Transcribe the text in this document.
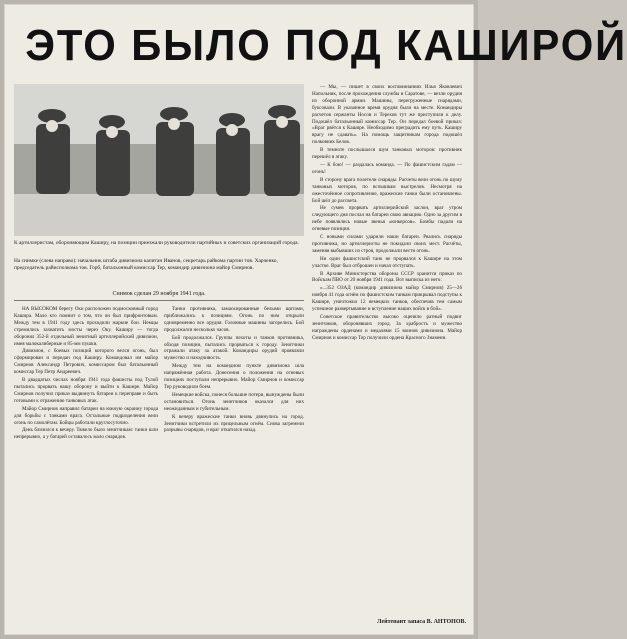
ЭТО БЫЛО ПОД КАШИРОЙ

К артиллеристам, обороняющим Каширу, на позиции приезжали руководители партийных и советских организаций города.

На снимке (слева направо): начальник штаба дивизиона капитан Иванов, секретарь райкома партии тов. Харченко, председатель райисполкома тов. Горб, батальонный комиссар Тер, командир дивизиона майор Смирнов.

Снимок сделан 29 ноября 1941 года.

— Мы, — пишет в своих воспоминаниях Илья Яковлевич Напольник, после прохождения службы в Саратове, — везли орудия из оборонной армии. Машины, перегруженные снарядами, буксовали. В указанное время орудия были на месте. Командиры расчетов сержанты Носов и Терехов тут же приступили к делу. Подошёл батальонный комиссар Тер. Он передал боевой приказ: «Враг рвётся к Кашире. Необходимо преградить ему путь. Каширу врагу не сдавать». На помощь защитникам города подошёл полковник Белов.

В темноте послышался шум танковых моторов: противник перешёл в атаку.

— К бою! — раздалась команда. — По фашистским гадам — огонь!

В сторону врага полетели снаряды. Расчеты вели огонь по шуму танковых моторов, по вспышкам выстрелов. Несмотря на ожесточённое сопротивление, вражеские танки были остановлены. Бой шёл до рассвета.

Не сумев прорвать артиллерийский заслон, враг утром следующего дня послал на батареи свою авиацию. Одно за другим в небе появлялись новые звенья «юнкерсов». Бомбы падали на огневые позиции.

С новыми силами ударили наши батареи. Рвались снаряды противника, но артиллеристы не покидали своих мест. Расчёты, заменяя выбывших из строя, продолжали вести огонь.

Ни один фашистский танк не прорвался к Кашире на этом участке. Враг был отброшен и начал отступать.

В Архиве Министерства обороны СССР хранится приказ по Войскам ПВО от 20 ноября 1941 года. Вот выписка из него:

«...352 ОЗАД (командир дивизиона майор Смирнов) 25—26 ноября 41 года огнём по фашистским танкам прикрывал подступы к Кашире, уничтожил 12 немецких танков, обеспечив тем самым успешное развертывание и вступление наших войск в бой».

Советское правительство высоко оценило ратный подвиг зенитчиков, оборонявших город. За храбрость и мужество награждены орденами и медалями 15 воинов дивизиона. Майор Смирнов и комиссар Тер получили ордена Красного Знамени.

НА ВЫСОКОМ берегу Оки расположен подмосковный город Кашира. Мало кто помнит о том, что он был прифронтовым. Между тем в 1941 году здесь проходили жаркие бои. Немцы стремились захватить мосты через Оку. Каширу — тогда оборонял 352-й отдельный зенитный артиллерийский дивизион, имея малокалиберные и 85-мм пушки.

Дивизион, с боевых позиций которого велся огонь, был сформирован и передан под Каширу. Командовал им майор Смирнов Александр Петрович, комиссаром был батальонный комиссар Тер Петр Андреевич.

В двадцатых числах ноября 1941 года фашисты под Тулой пытались прорвать нашу оборону и выйти к Кашире. Майор Смирнов получил приказ выдвинуть батареи к переправе и быть готовыми к отражению танковых атак.

Майор Смирнов направил батареи на южную окраину города для борьбы с танками врага. Остальные подразделения вели огонь по самолётам. Бойцы работали круглосуточно.

День близился к вечеру. Тяжело было зенитчикам: танки шли непрерывно, а у батарей оставалось мало снарядов.

Танки противника, замаскированные белыми щитами, приближались к позициям. Огонь по ним открыли одновременно все орудия. Головные машины загорелись. Бой продолжался несколько часов.

Бой продолжался. Группы пехоты и танков противника, обходя позиции, пытались прорваться к городу. Зенитчики отражали атаку за атакой. Командиры орудий проявляли мужество и находчивость.

Между тем на командном пункте дивизиона шла напряжённая работа. Донесения о положении на огневых позициях поступали непрерывно. Майор Смирнов и комиссар Тер руководили боем.

Немецкие войска, понеся большие потери, вынуждены были остановиться. Огонь зенитчиков оказался для них неожиданным и губительным.

К вечеру вражеские танки вновь двинулись на город. Зенитчики встретили их прицельным огнём. Снова загремели разрывы снарядов, и враг откатился назад.

Лейтенант запаса В. АНТОНОВ.
